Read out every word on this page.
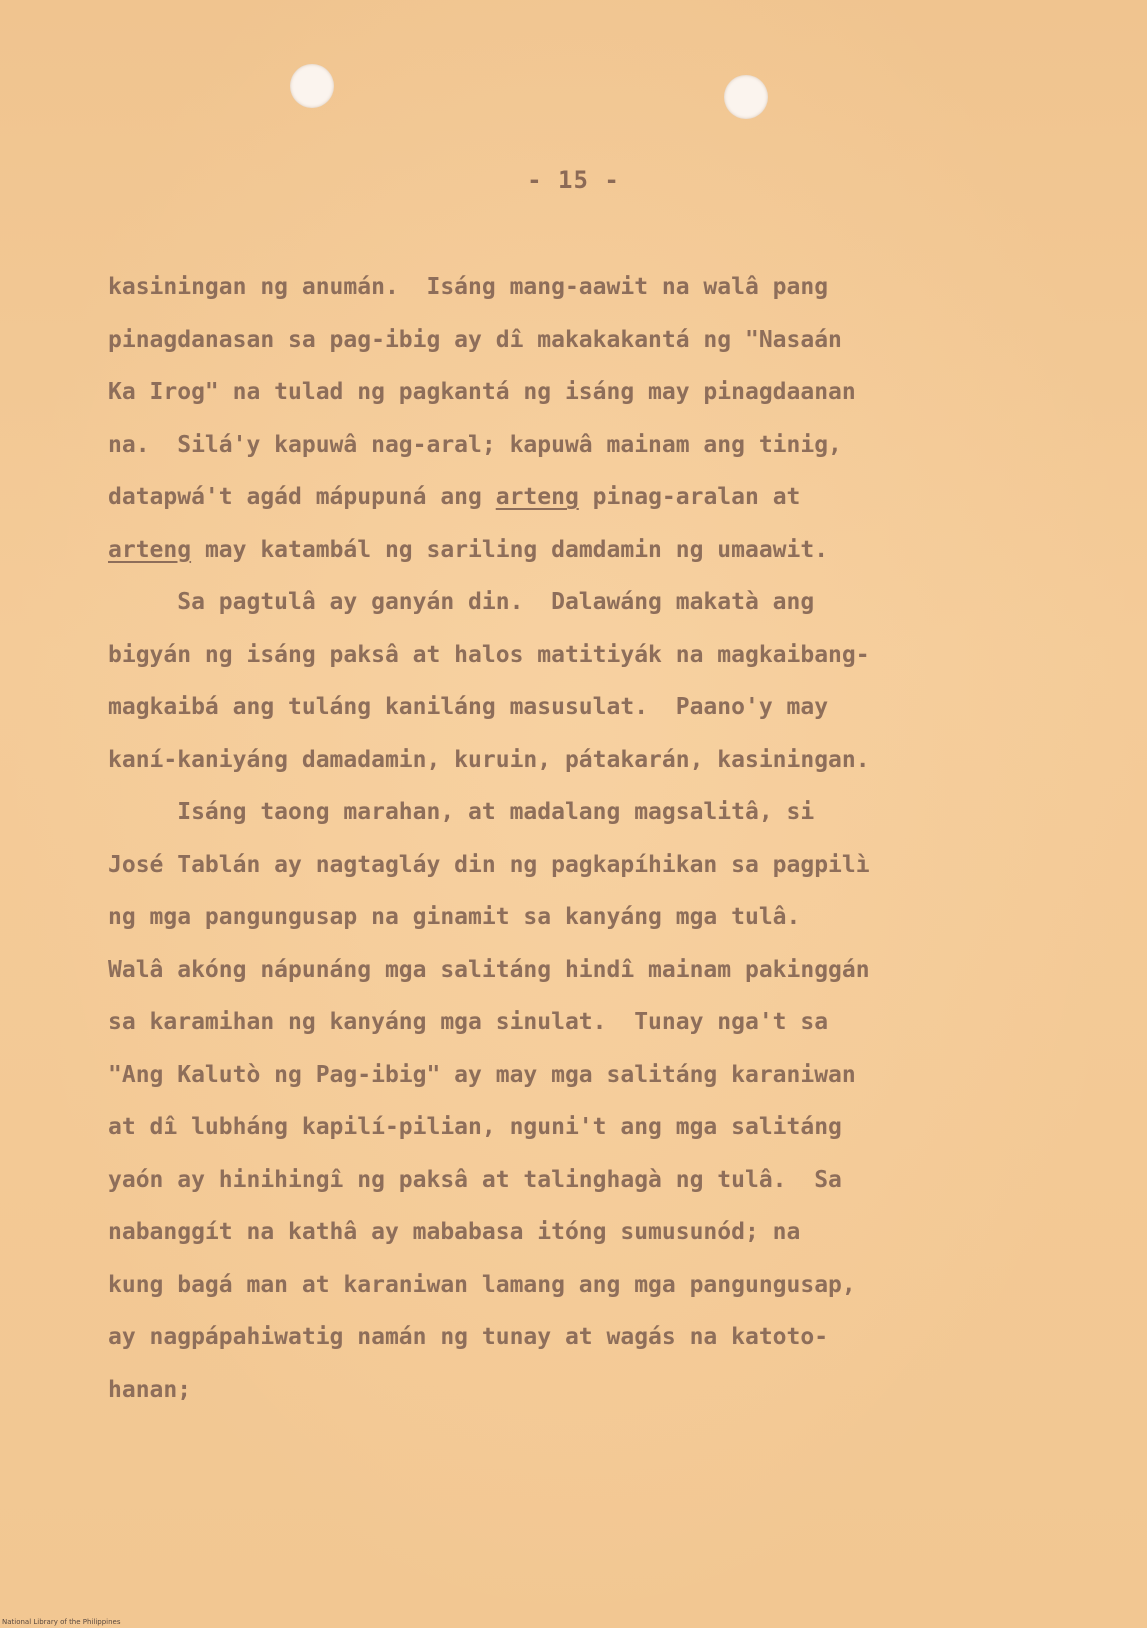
- 15 -
kasiningan ng anumán.  Isáng mang-aawit na walâ pang
pinagdanasan sa pag-ibig ay dî makakakantá ng "Nasaán
Ka Irog" na tulad ng pagkantá ng isáng may pinagdaanan
na.  Silá'y kapuwâ nag-aral; kapuwâ mainam ang tinig,
datapwá't agád mápupuná ang arteng pinag-aralan at
arteng may katambál ng sariling damdamin ng umaawit.
Sa pagtulâ ay ganyán din.  Dalawáng makatà ang
bigyán ng isáng paksâ at halos matitiyák na magkaibang-
magkaibá ang tuláng kaniláng masusulat.  Paano'y may
kaní-kaniyáng damadamin, kuruin, pátakarán, kasiningan.
Isáng taong marahan, at madalang magsalitâ, si
José Tablán ay nagtagláy din ng pagkapíhikan sa pagpilì
ng mga pangungusap na ginamit sa kanyáng mga tulâ.
Walâ akóng nápunáng mga salitáng hindî mainam pakinggán
sa karamihan ng kanyáng mga sinulat.  Tunay nga't sa
"Ang Kalutò ng Pag-ibig" ay may mga salitáng karaniwan
at dî lubháng kapilí-pilian, nguni't ang mga salitáng
yaón ay hinihingî ng paksâ at talinghagà ng tulâ.  Sa
nabanggít na kathâ ay mababasa itóng sumusunód; na
kung bagá man at karaniwan lamang ang mga pangungusap,
ay nagpápahiwatig namán ng tunay at wagás na katoto-
hanan;
National Library of the Philippines
